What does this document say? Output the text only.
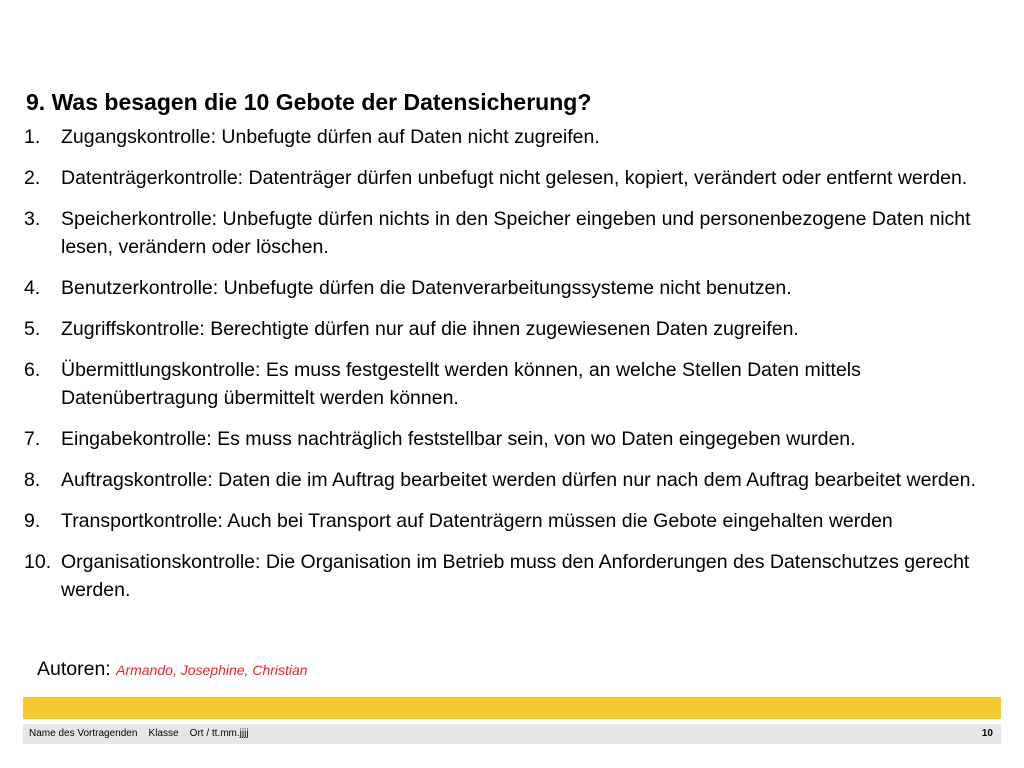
9. Was besagen die 10 Gebote der Datensicherung?
1. Zugangskontrolle: Unbefugte dürfen auf Daten nicht zugreifen.
2. Datenträgerkontrolle: Datenträger dürfen unbefugt nicht gelesen, kopiert, verändert oder entfernt werden.
3. Speicherkontrolle: Unbefugte dürfen nichts in den Speicher eingeben und personenbezogene Daten nicht lesen, verändern oder löschen.
4. Benutzerkontrolle: Unbefugte dürfen die Datenverarbeitungssysteme nicht benutzen.
5. Zugriffskontrolle: Berechtigte dürfen nur auf die ihnen zugewiesenen Daten zugreifen.
6. Übermittlungskontrolle: Es muss festgestellt werden können, an welche Stellen Daten mittels Datenübertragung übermittelt werden können.
7. Eingabekontrolle: Es muss nachträglich feststellbar sein, von wo Daten eingegeben wurden.
8. Auftragskontrolle: Daten die im Auftrag bearbeitet werden dürfen nur nach dem Auftrag bearbeitet werden.
9. Transportkontrolle: Auch bei Transport auf Datenträgern müssen die Gebote eingehalten werden
10. Organisationskontrolle: Die Organisation im Betrieb muss den Anforderungen des Datenschutzes gerecht werden.
Autoren: Armando, Josephine, Christian
Name des Vortragenden Klasse Ort / tt.mm.jjjj	10
